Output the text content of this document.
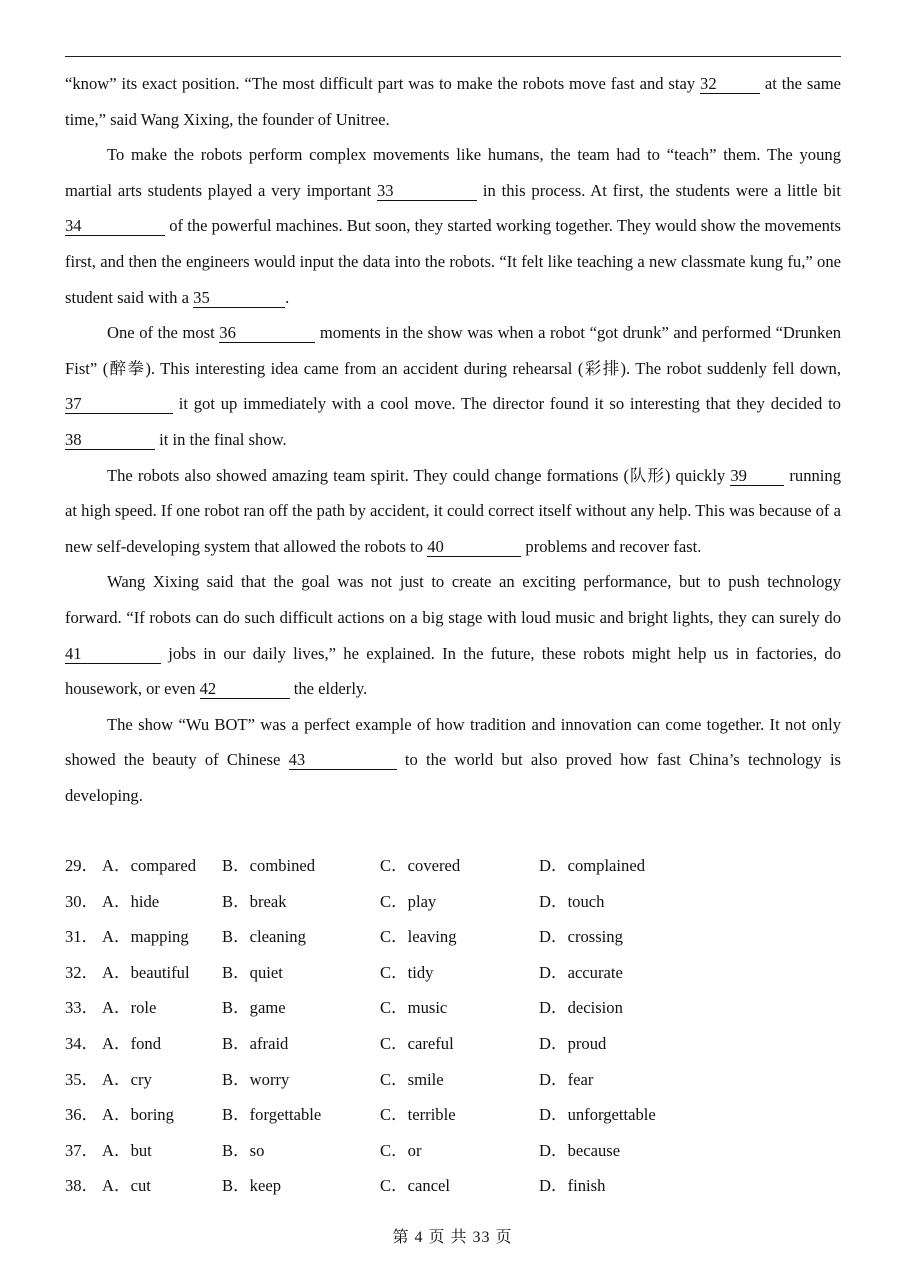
“know” its exact position. “The most difficult part was to make the robots move fast and stay 32	at the same time,” said Wang Xixing, the founder of Unitree.

To make the robots perform complex movements like humans, the team had to “teach” them. The young martial arts students played a very important 33	in this process. At first, the students were a little bit 34	of the powerful machines. But soon, they started working together. They would show the movements first, and then the engineers would input the data into the robots. “It felt like teaching a new classmate kung fu,” one student said with a 35	.

One of the most 36	moments in the show was when a robot “got drunk” and performed “Drunken Fist” (醉拳). This interesting idea came from an accident during rehearsal (彩排). The robot suddenly fell down, 37	it got up immediately with a cool move. The director found it so interesting that they decided to 38	it in the final show.

The robots also showed amazing team spirit. They could change formations (队形) quickly 39	running at high speed. If one robot ran off the path by accident, it could correct itself without any help. This was because of a new self-developing system that allowed the robots to 40	problems and recover fast.

Wang Xixing said that the goal was not just to create an exciting performance, but to push technology forward. “If robots can do such difficult actions on a big stage with loud music and bright lights, they can surely do 41	jobs in our daily lives,” he explained. In the future, these robots might help us in factories, do housework, or even 42	the elderly.

The show “Wu BOT” was a perfect example of how tradition and innovation can come together. It not only showed the beauty of Chinese 43	to the world but also proved how fast China’s technology is developing.

29． A．compared B．combined	C．covered	D．complained
30． A．hide	B．break	C．play	D．touch
31． A．mapping B．cleaning	C．leaving	D．crossing
32． A．beautiful B．quiet	C．tidy	D．accurate
33． A．role	B．game	C．music	D．decision
34． A．fond	B．afraid	C．careful	D．proud
35． A．cry	B．worry	C．smile	D．fear
36． A．boring	B．forgettable	C．terrible	D．unforgettable
37． A．but	B．so	C．or	D．because
38． A．cut	B．keep	C．cancel	D．finish
第 4 页 共 33 页
